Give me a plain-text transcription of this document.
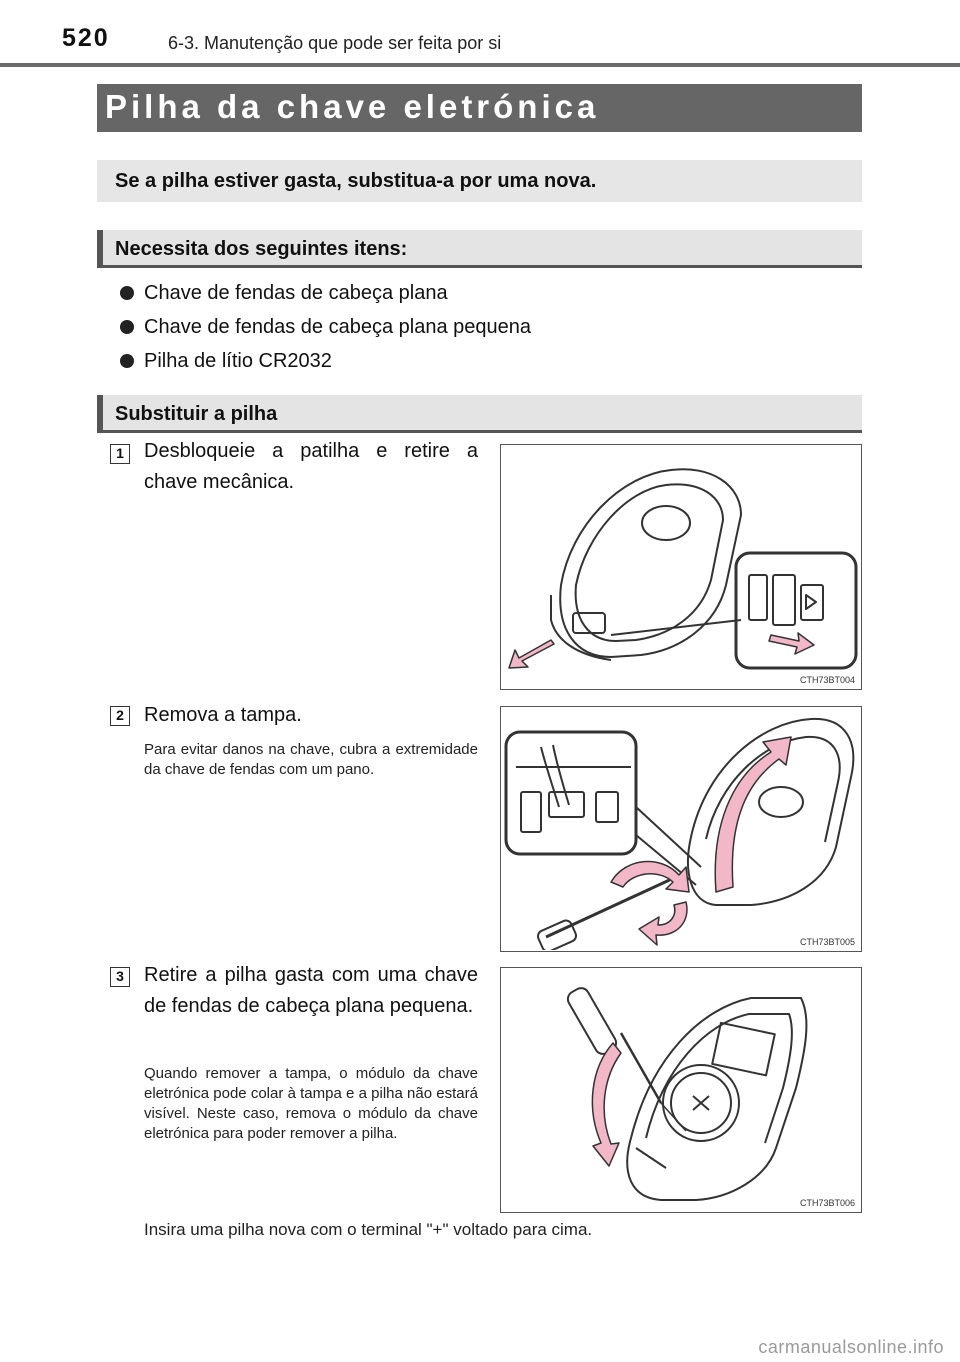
520	6-3. Manutenção que pode ser feita por si
Pilha da chave eletrónica
Se a pilha estiver gasta, substitua-a por uma nova.
Necessita dos seguintes itens:
Chave de fendas de cabeça plana
Chave de fendas de cabeça plana pequena
Pilha de lítio CR2032
Substituir a pilha
1	Desbloqueie a patilha e retire a chave mecânica.
CTH73BT004
2	Remova a tampa.
Para evitar danos na chave, cubra a extremidade da chave de fendas com um pano.
CTH73BT005
3	Retire a pilha gasta com uma chave de fendas de cabeça plana pequena.
Quando remover a tampa, o módulo da chave eletrónica pode colar à tampa e a pilha não estará visível. Neste caso, remova o módulo da chave eletrónica para poder remover a pilha.
CTH73BT006
Insira uma pilha nova com o terminal "+" voltado para cima.
carmanualsonline.info
